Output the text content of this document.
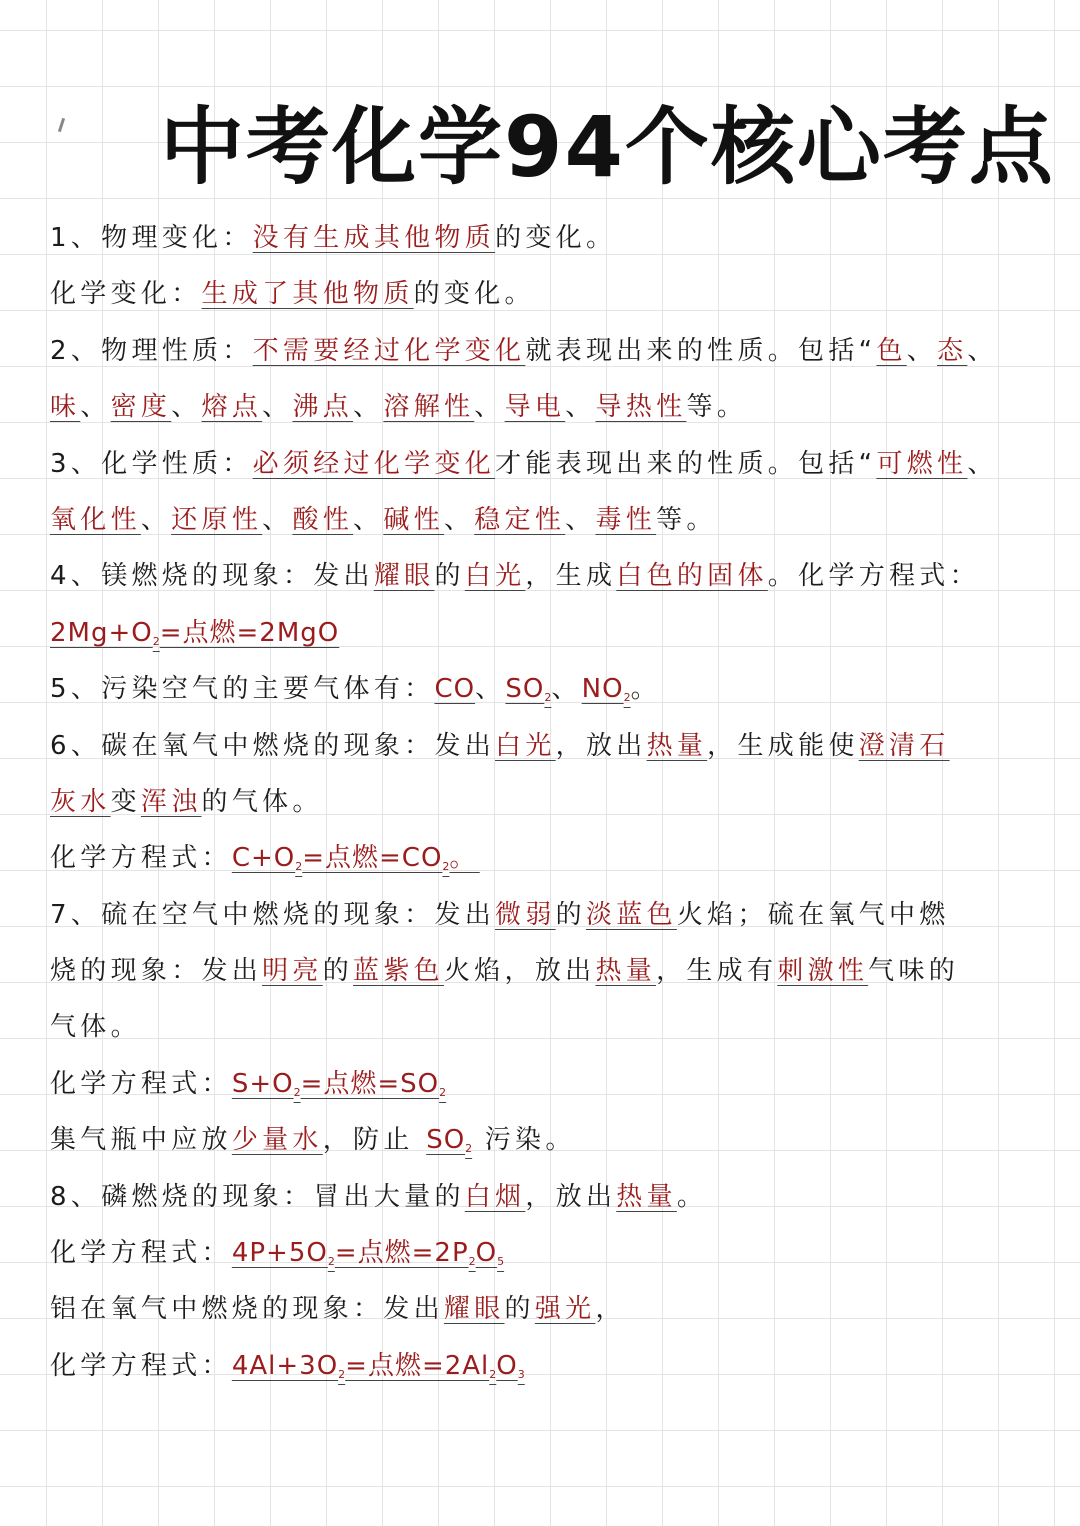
中考化学94个核心考点
1、物理变化：没有生成其他物质的变化。
化学变化：生成了其他物质的变化。
2、物理性质：不需要经过化学变化就表现出来的性质。包括“色、态、
味、密度、熔点、沸点、溶解性、导电、导热性等。
3、化学性质：必须经过化学变化才能表现出来的性质。包括“可燃性、
氧化性、还原性、酸性、碱性、稳定性、毒性等。
4、镁燃烧的现象：发出耀眼的白光，生成白色的固体。化学方程式：
$2Mg+O_2=$点燃=2MgO
5、污染空气的主要气体有：CO、$SO_2$、$NO_2$。
6、碳在氧气中燃烧的现象：发出白光，放出热量，生成能使澄清石
灰水变浑浊的气体。
化学方程式：$C+O_2=$点燃$=CO_2$。
7、硫在空气中燃烧的现象：发出微弱的淡蓝色火焰；硫在氧气中燃
烧的现象：发出明亮的蓝紫色火焰，放出热量，生成有刺激性气味的
气体。
化学方程式：$S+O_2=$点燃$=SO_2$
集气瓶中应放少量水，防止 $SO_2$ 污染。
8、磷燃烧的现象：冒出大量的白烟，放出热量。
化学方程式：$4P+5O_2=$点燃$=2P_2O_5$
铝在氧气中燃烧的现象：发出耀眼的强光，
化学方程式：$4Al+3O_2=$点燃$=2Al_2O_3$
